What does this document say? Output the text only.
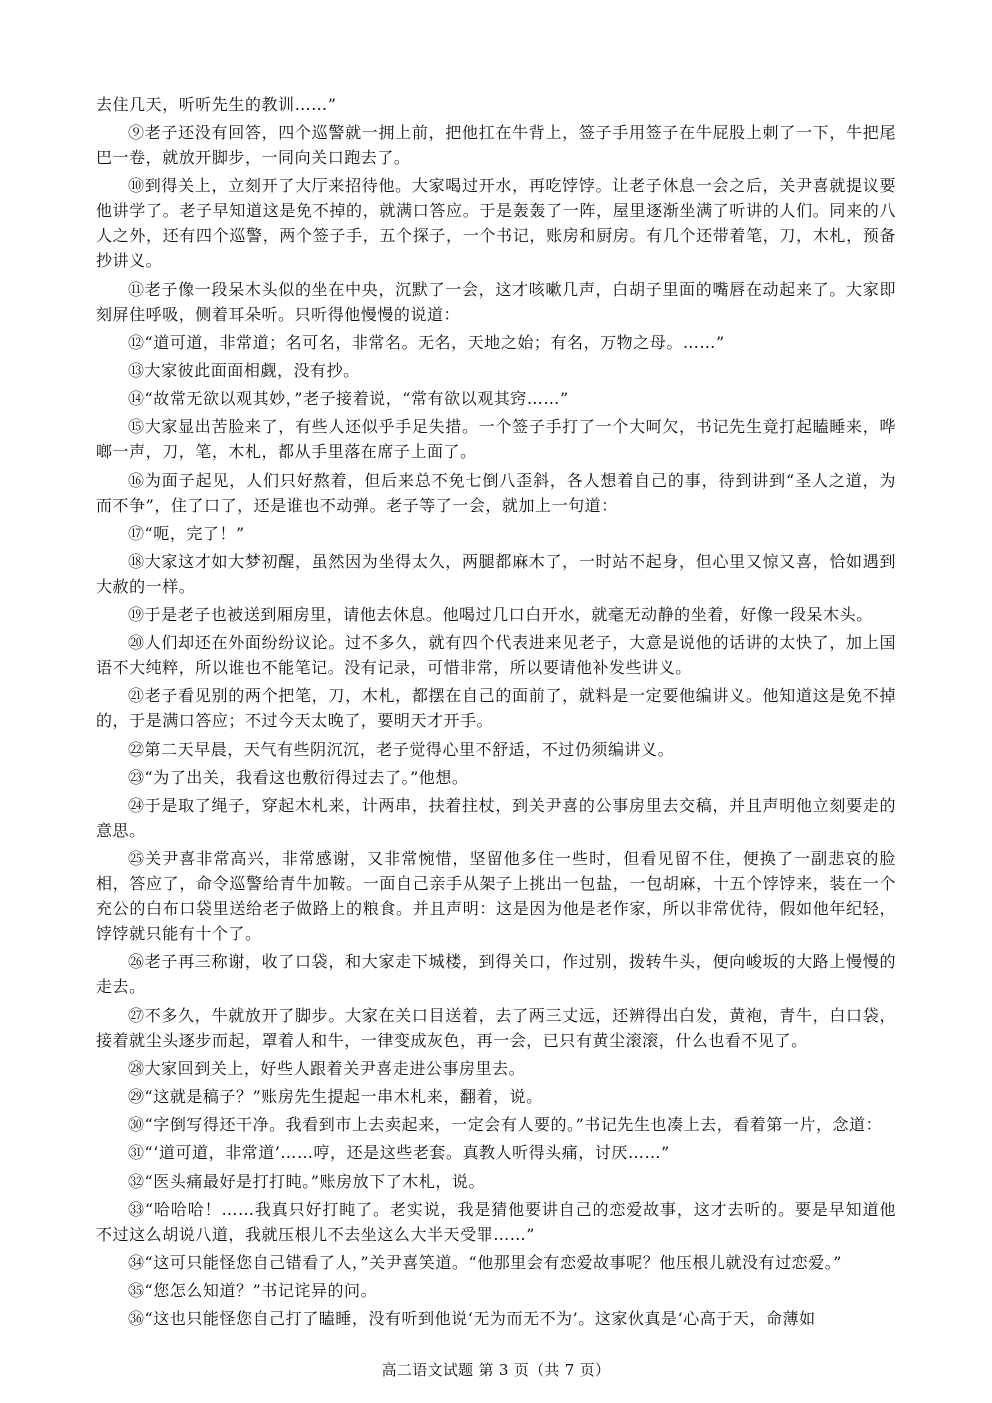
去住几天，听听先生的教训……”

⑨老子还没有回答，四个巡警就一拥上前，把他扛在牛背上，签子手用签子在牛屁股上刺了一下，牛把尾巴一卷，就放开脚步，一同向关口跑去了。

⑩到得关上，立刻开了大厅来招待他。大家喝过开水，再吃饽饽。让老子休息一会之后，关尹喜就提议要他讲学了。老子早知道这是免不掉的，就满口答应。于是轰轰了一阵，屋里逐渐坐满了听讲的人们。同来的八人之外，还有四个巡警，两个签子手，五个探子，一个书记，账房和厨房。有几个还带着笔，刀，木札，预备抄讲义。

⑪老子像一段呆木头似的坐在中央，沉默了一会，这才咳嗽几声，白胡子里面的嘴唇在动起来了。大家即刻屏住呼吸，侧着耳朵听。只听得他慢慢的说道：

⑫“道可道，非常道；名可名，非常名。无名，天地之始；有名，万物之母。……”

⑬大家彼此面面相觑，没有抄。

⑭“故常无欲以观其妙，”老子接着说，“常有欲以观其窍……”

⑮大家显出苦脸来了，有些人还似乎手足失措。一个签子手打了一个大呵欠，书记先生竟打起瞌睡来，哗啷一声，刀，笔，木札，都从手里落在席子上面了。

⑯为面子起见，人们只好熬着，但后来总不免七倒八歪斜，各人想着自己的事，待到讲到“圣人之道，为而不争”，住了口了，还是谁也不动弹。老子等了一会，就加上一句道：

⑰“呃，完了！”

⑱大家这才如大梦初醒，虽然因为坐得太久，两腿都麻木了，一时站不起身，但心里又惊又喜，恰如遇到大赦的一样。

⑲于是老子也被送到厢房里，请他去休息。他喝过几口白开水，就毫无动静的坐着，好像一段呆木头。

⑳人们却还在外面纷纷议论。过不多久，就有四个代表进来见老子，大意是说他的话讲的太快了，加上国语不大纯粹，所以谁也不能笔记。没有记录，可惜非常，所以要请他补发些讲义。

㉑老子看见别的两个把笔，刀，木札，都摆在自己的面前了，就料是一定要他编讲义。他知道这是免不掉的，于是满口答应；不过今天太晚了，要明天才开手。

㉒第二天早晨，天气有些阴沉沉，老子觉得心里不舒适，不过仍须编讲义。

㉓“为了出关，我看这也敷衍得过去了。”他想。

㉔于是取了绳子，穿起木札来，计两串，扶着拄杖，到关尹喜的公事房里去交稿，并且声明他立刻要走的意思。

㉕关尹喜非常高兴，非常感谢，又非常惋惜，坚留他多住一些时，但看见留不住，便换了一副悲哀的脸相，答应了，命令巡警给青牛加鞍。一面自己亲手从架子上挑出一包盐，一包胡麻，十五个饽饽来，装在一个充公的白布口袋里送给老子做路上的粮食。并且声明：这是因为他是老作家，所以非常优待，假如他年纪轻，饽饽就只能有十个了。

㉖老子再三称谢，收了口袋，和大家走下城楼，到得关口，作过别，拨转牛头，便向峻坂的大路上慢慢的走去。

㉗不多久，牛就放开了脚步。大家在关口目送着，去了两三丈远，还辨得出白发，黄袍，青牛，白口袋，接着就尘头逐步而起，罩着人和牛，一律变成灰色，再一会，已只有黄尘滚滚，什么也看不见了。

㉘大家回到关上，好些人跟着关尹喜走进公事房里去。

㉙“这就是稿子？”账房先生提起一串木札来，翻着，说。

㉚“字倒写得还干净。我看到市上去卖起来，一定会有人要的。”书记先生也凑上去，看着第一片，念道：

㉛“‘道可道，非常道’……哼，还是这些老套。真教人听得头痛，讨厌……”

㉜“医头痛最好是打打盹。”账房放下了木札，说。

㉝“哈哈哈！……我真只好打盹了。老实说，我是猜他要讲自己的恋爱故事，这才去听的。要是早知道他不过这么胡说八道，我就压根儿不去坐这么大半天受罪……”

㉞“这可只能怪您自己错看了人，”关尹喜笑道。“他那里会有恋爱故事呢？他压根儿就没有过恋爱。”

㉟“您怎么知道？”书记诧异的问。

㊱“这也只能怪您自己打了瞌睡，没有听到他说‘无为而无不为’。这家伙真是‘心高于天，命薄如

高二语文试题 第 3 页（共 7 页）
